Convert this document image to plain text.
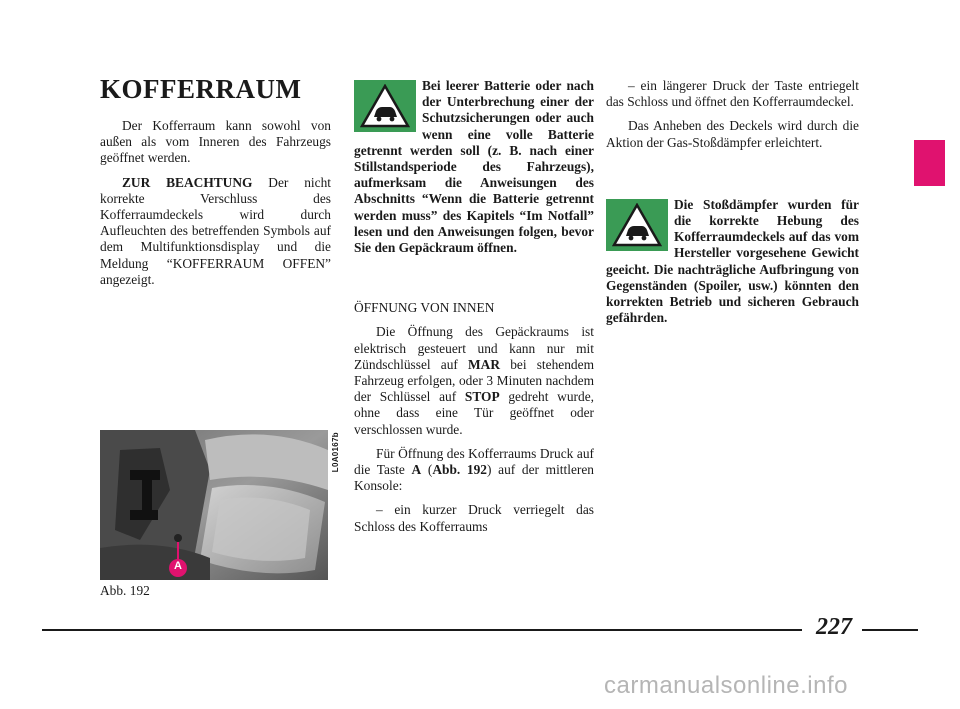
KOFFERRAUM

Der Kofferraum kann sowohl von außen als vom Inneren des Fahrzeugs geöffnet werden.

ZUR BEACHTUNG Der nicht korrekte Verschluss des Kofferraumdeckels wird durch Aufleuchten des betreffenden Symbols auf dem Multifunktionsdisplay und die Meldung “KOFFERRAUM OFFEN” angezeigt.

A
L0A0167b
Abb. 192
Bei leerer Batterie oder nach der Unterbrechung einer der Schutzsicherungen oder auch wenn eine volle Batterie getrennt werden soll (z. B. nach einer Stillstandsperiode des Fahrzeugs), aufmerksam die Anweisungen des Abschnitts “Wenn die Batterie getrennt werden muss” des Kapitels “Im Notfall” lesen und den Anweisungen folgen, bevor Sie den Gepäckraum öffnen.

ÖFFNUNG VON INNEN

Die Öffnung des Gepäckraums ist elektrisch gesteuert und kann nur mit Zündschlüssel auf MAR bei stehendem Fahrzeug erfolgen, oder 3 Minuten nachdem der Schlüssel auf STOP gedreht wurde, ohne dass eine Tür geöffnet oder verschlossen wurde.

Für Öffnung des Kofferraums Druck auf die Taste A (Abb. 192) auf der mittleren Konsole:

– ein kurzer Druck verriegelt das Schloss des Kofferraums

– ein längerer Druck der Taste entriegelt das Schloss und öffnet den Kofferraumdeckel.

Das Anheben des Deckels wird durch die Aktion der Gas-Stoßdämpfer erleichtert.

Die Stoßdämpfer wurden für die korrekte Hebung des Kofferraumdeckels auf das vom Hersteller vorgesehene Gewicht geeicht. Die nachträgliche Aufbringung von Gegenständen (Spoiler, usw.) könnten den korrekten Betrieb und sicheren Gebrauch gefährden.
227
carmanualsonline.info
